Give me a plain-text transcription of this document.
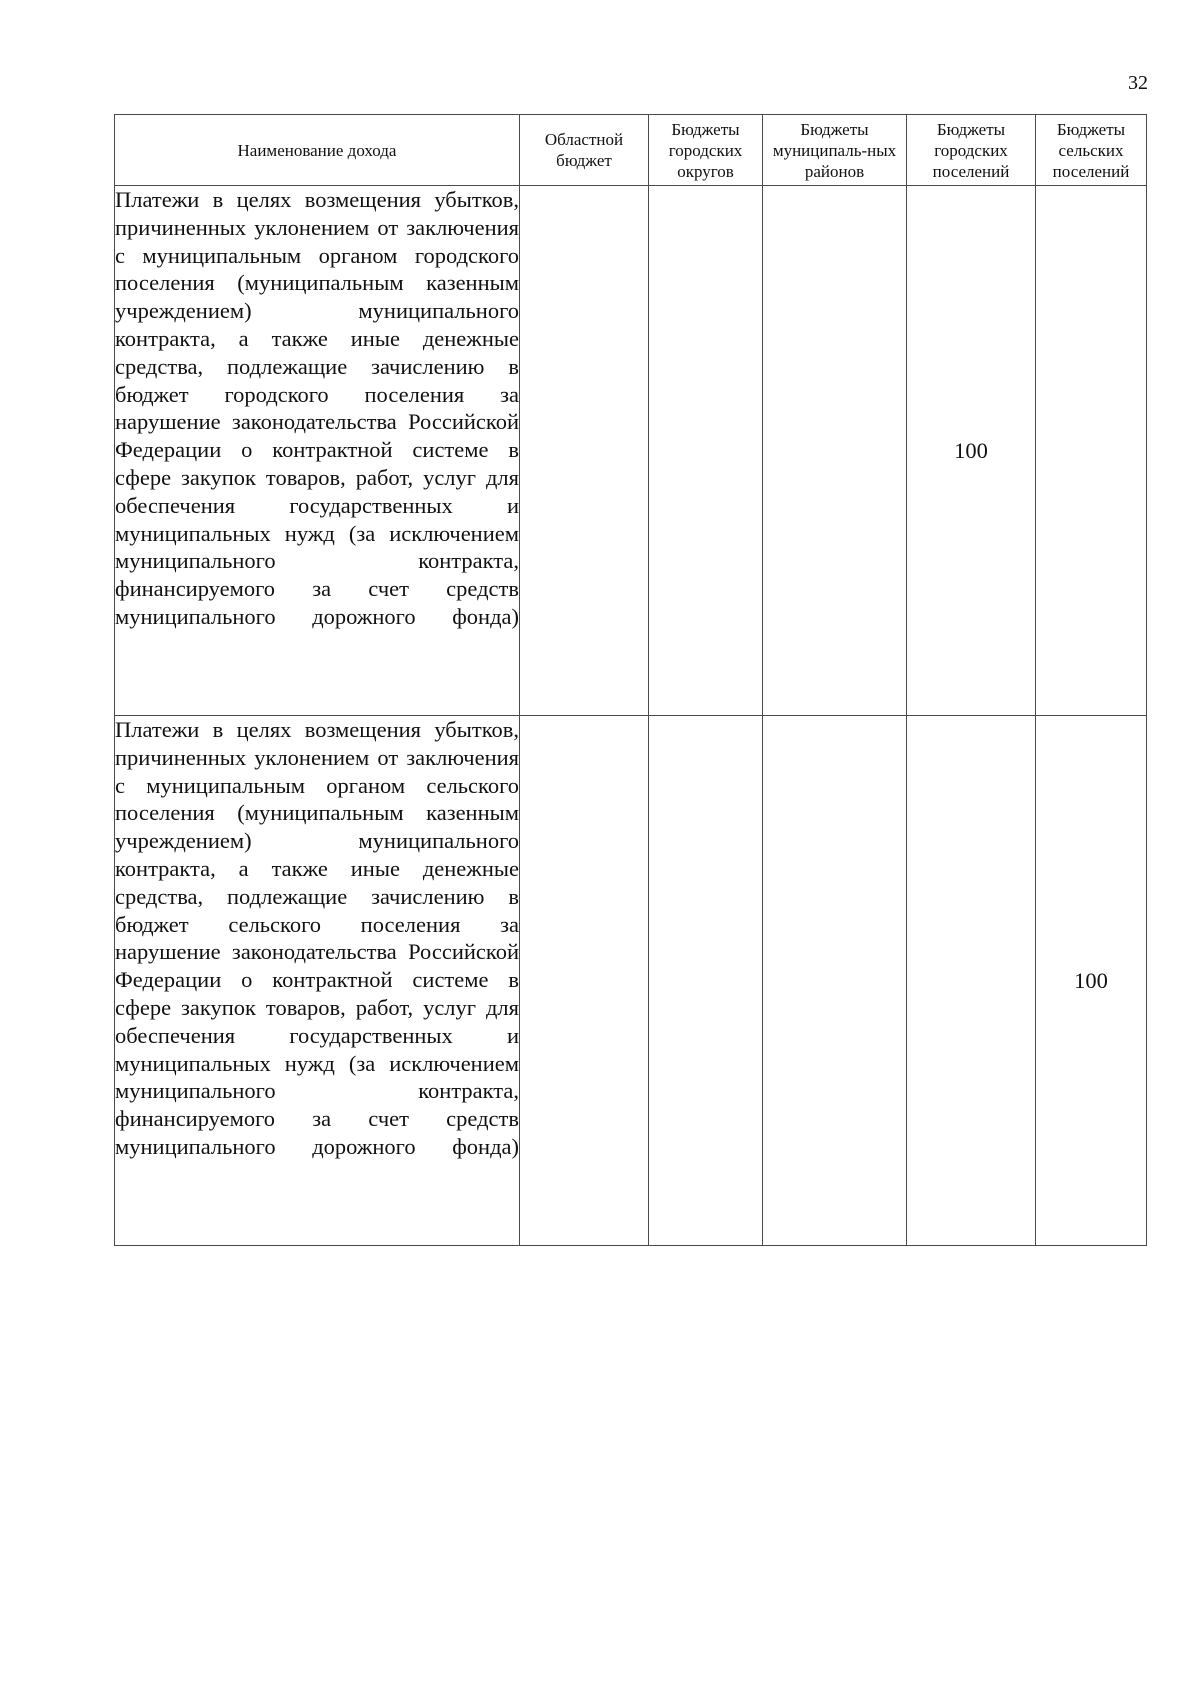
32
Наименование дохода	Областной бюджет	Бюджеты городских округов	Бюджеты муниципаль-ных районов	Бюджеты городских поселений	Бюджеты сельских поселений
Платежи в целях возмещения убытков, причиненных уклонением от заключения с муниципальным органом городского поселения (муниципальным казенным учреждением) муниципального контракта, а также иные денежные средства, подлежащие зачислению в бюджет городского поселения за нарушение законодательства Российской Федерации о контрактной системе в сфере закупок товаров, работ, услуг для обеспечения государственных и муниципальных нужд (за исключением муниципального контракта, финансируемого за счет средств муниципального дорожного фонда)				100	
Платежи в целях возмещения убытков, причиненных уклонением от заключения с муниципальным органом сельского поселения (муниципальным казенным учреждением) муниципального контракта, а также иные денежные средства, подлежащие зачислению в бюджет сельского поселения за нарушение законодательства Российской Федерации о контрактной системе в сфере закупок товаров, работ, услуг для обеспечения государственных и муниципальных нужд (за исключением муниципального контракта, финансируемого за счет средств муниципального дорожного фонда)					100
